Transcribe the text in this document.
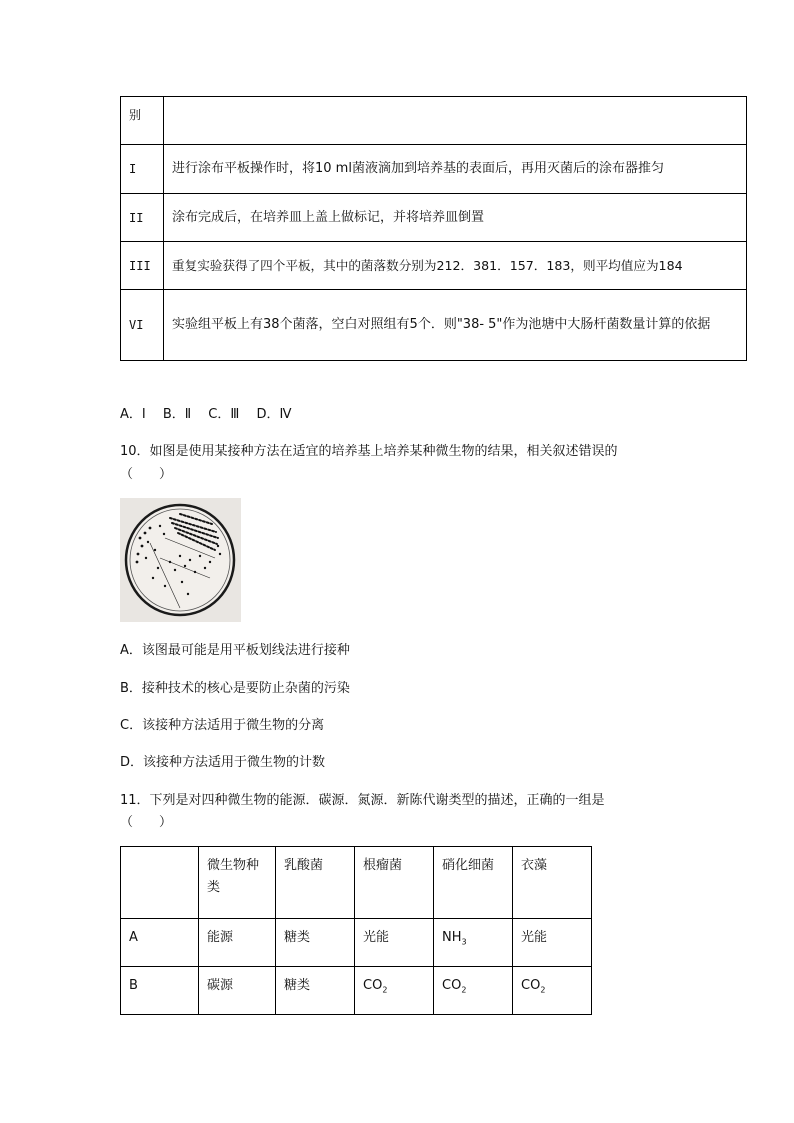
别	
I	进行涂布平板操作时，将10 ml菌液滴加到培养基的表面后，再用灭菌后的涂布器推匀
II	涂布完成后，在培养皿上盖上做标记，并将培养皿倒置
III	重复实验获得了四个平板，其中的菌落数分别为212．381．157．183，则平均值应为184
VI	实验组平板上有38个菌落，空白对照组有5个．则"38- 5"作为池塘中大肠杆菌数量计算的依据
A．Ⅰ　 B．Ⅱ　 C．Ⅲ　 D．Ⅳ
10．如图是使用某接种方法在适宜的培养基上培养某种微生物的结果，相关叙述错误的
（　　）
A．该图最可能是用平板划线法进行接种
B．接种技术的核心是要防止杂菌的污染
C．该接种方法适用于微生物的分离
D．该接种方法适用于微生物的计数
11．下列是对四种微生物的能源．碳源．氮源．新陈代谢类型的描述，正确的一组是
（　　）
	微生物种类	乳酸菌	根瘤菌	硝化细菌	衣藻
A	能源	糖类	光能	$NH_3$	光能
B	碳源	糖类	$CO_2$	$CO_2$	$CO_2$
